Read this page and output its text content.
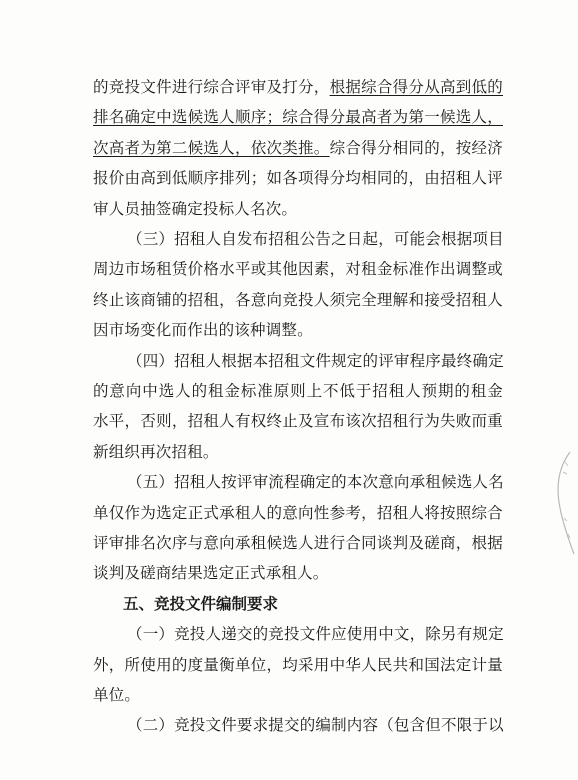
的竞投文件进行综合评审及打分，根据综合得分从高到低的
排名确定中选候选人顺序；综合得分最高者为第一候选人，
次高者为第二候选人，依次类推。综合得分相同的，按经济
报价由高到低顺序排列；如各项得分均相同的，由招租人评
审人员抽签确定投标人名次。
（三）招租人自发布招租公告之日起，可能会根据项目
周边市场租赁价格水平或其他因素，对租金标准作出调整或
终止该商铺的招租，各意向竞投人须完全理解和接受招租人
因市场变化而作出的该种调整。
（四）招租人根据本招租文件规定的评审程序最终确定
的意向中选人的租金标准原则上不低于招租人预期的租金
水平，否则，招租人有权终止及宣布该次招租行为失败而重
新组织再次招租。
（五）招租人按评审流程确定的本次意向承租候选人名
单仅作为选定正式承租人的意向性参考，招租人将按照综合
评审排名次序与意向承租候选人进行合同谈判及磋商，根据
谈判及磋商结果选定正式承租人。
五、竞投文件编制要求
（一）竞投人递交的竞投文件应使用中文，除另有规定
外，所使用的度量衡单位，均采用中华人民共和国法定计量
单位。
（二）竞投文件要求提交的编制内容（包含但不限于以
